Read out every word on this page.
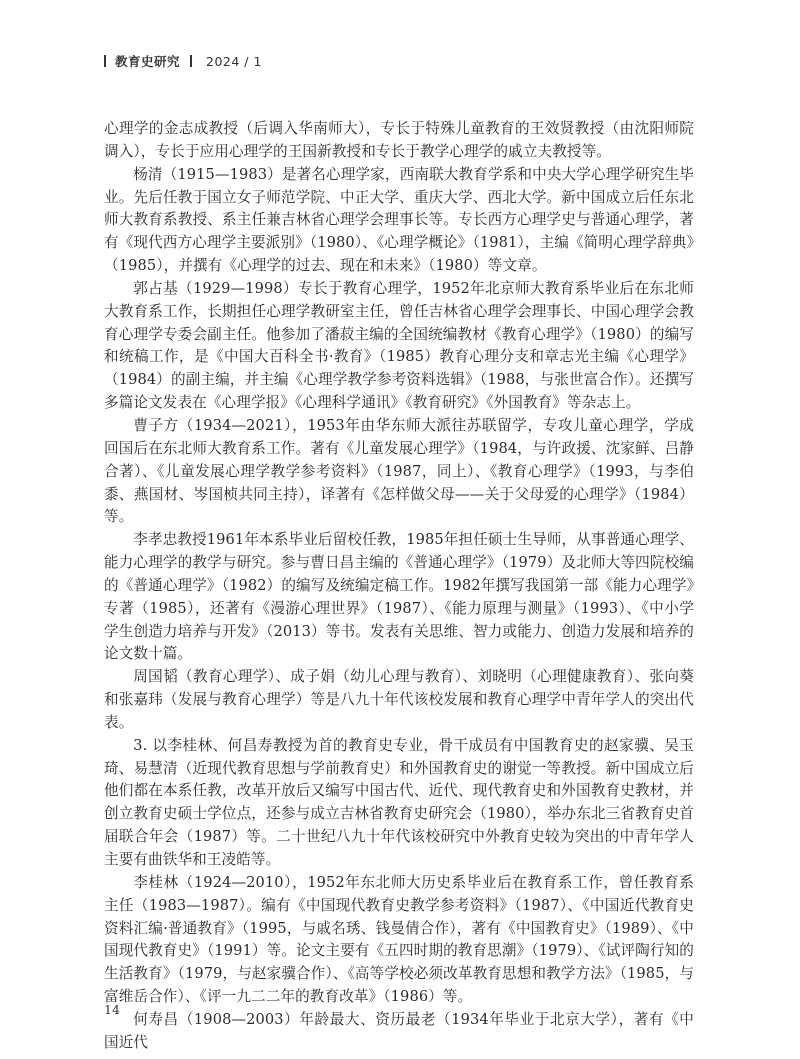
教育史研究 2024 / 1

心理学的金志成教授（后调入华南师大），专长于特殊儿童教育的王效贤教授（由沈阳师院调入），专长于应用心理学的王国新教授和专长于教学心理学的戚立夫教授等。

杨清（1915—1983）是著名心理学家，西南联大教育学系和中央大学心理学研究生毕业。先后任教于国立女子师范学院、中正大学、重庆大学、西北大学。新中国成立后任东北师大教育系教授、系主任兼吉林省心理学会理事长等。专长西方心理学史与普通心理学，著有《现代西方心理学主要派别》（1980）、《心理学概论》（1981），主编《简明心理学辞典》（1985），并撰有《心理学的过去、现在和未来》（1980）等文章。

郭占基（1929—1998）专长于教育心理学，1952年北京师大教育系毕业后在东北师大教育系工作，长期担任心理学教研室主任，曾任吉林省心理学会理事长、中国心理学会教育心理学专委会副主任。他参加了潘菽主编的全国统编教材《教育心理学》（1980）的编写和统稿工作，是《中国大百科全书·教育》（1985）教育心理分支和章志光主编《心理学》（1984）的副主编，并主编《心理学教学参考资料选辑》（1988，与张世富合作）。还撰写多篇论文发表在《心理学报》《心理科学通讯》《教育研究》《外国教育》等杂志上。

曹子方（1934—2021），1953年由华东师大派往苏联留学，专攻儿童心理学，学成回国后在东北师大教育系工作。著有《儿童发展心理学》（1984，与许政援、沈家鲜、吕静合著）、《儿童发展心理学教学参考资料》（1987，同上）、《教育心理学》（1993，与李伯黍、燕国材、岑国桢共同主持），译著有《怎样做父母——关于父母爱的心理学》（1984）等。

李孝忠教授1961年本系毕业后留校任教，1985年担任硕士生导师，从事普通心理学、能力心理学的教学与研究。参与曹日昌主编的《普通心理学》（1979）及北师大等四院校编的《普通心理学》（1982）的编写及统编定稿工作。1982年撰写我国第一部《能力心理学》专著（1985），还著有《漫游心理世界》（1987）、《能力原理与测量》（1993）、《中小学学生创造力培养与开发》（2013）等书。发表有关思维、智力或能力、创造力发展和培养的论文数十篇。

周国韬（教育心理学）、成子娟（幼儿心理与教育）、刘晓明（心理健康教育）、张向葵和张嘉玮（发展与教育心理学）等是八九十年代该校发展和教育心理学中青年学人的突出代表。

3. 以李桂林、何昌寿教授为首的教育史专业，骨干成员有中国教育史的赵家骥、吴玉琦、易慧清（近现代教育思想与学前教育史）和外国教育史的谢觉一等教授。新中国成立后他们都在本系任教，改革开放后又编写中国古代、近代、现代教育史和外国教育史教材，并创立教育史硕士学位点，还参与成立吉林省教育史研究会（1980），举办东北三省教育史首届联合年会（1987）等。二十世纪八九十年代该校研究中外教育史较为突出的中青年学人主要有曲铁华和王凌皓等。

李桂林（1924—2010），1952年东北师大历史系毕业后在教育系工作，曾任教育系主任（1983—1987）。编有《中国现代教育史教学参考资料》（1987）、《中国近代教育史资料汇编·普通教育》（1995，与戚名琇、钱曼倩合作），著有《中国教育史》（1989）、《中国现代教育史》（1991）等。论文主要有《五四时期的教育思潮》（1979）、《试评陶行知的生活教育》（1979，与赵家骥合作）、《高等学校必须改革教育思想和教学方法》（1985，与富维岳合作）、《评一九二二年的教育改革》（1986）等。

何寿昌（1908—2003）年龄最大、资历最老（1934年毕业于北京大学），著有《中国近代

14
